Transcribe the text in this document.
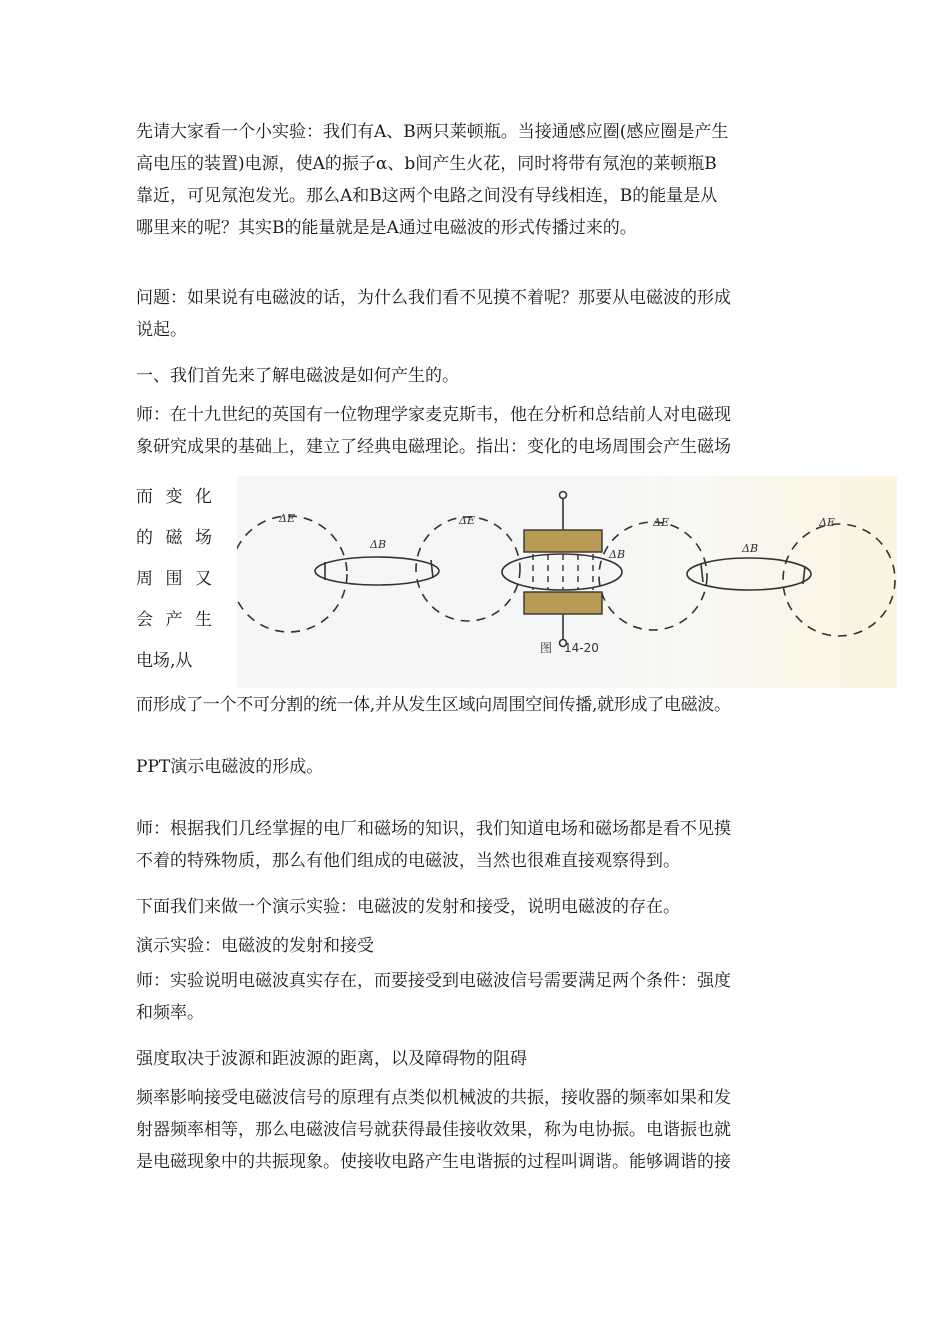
先请大家看一个小实验：我们有A、B两只莱顿瓶。当接通感应圈(感应圈是产生
高电压的装置)电源，使A的振子α、b间产生火花，同时将带有氖泡的莱顿瓶B
靠近，可见氖泡发光。那么A和B这两个电路之间没有导线相连，B的能量是从
哪里来的呢？其实B的能量就是是A通过电磁波的形式传播过来的。

问题：如果说有电磁波的话，为什么我们看不见摸不着呢？那要从电磁波的形成
说起。

一、我们首先来了解电磁波是如何产生的。

师：在十九世纪的英国有一位物理学家麦克斯韦，他在分析和总结前人对电磁现
象研究成果的基础上，建立了经典电磁理论。指出：变化的电场周围会产生磁场

而变化
的磁场
周围又
会产生
电场,从
ΔE
ΔB
ΔE
ΔB
ΔE
ΔB
ΔE
图　14-20

而形成了一个不可分割的统一体,并从发生区域向周围空间传播,就形成了电磁波。

PPT演示电磁波的形成。

师：根据我们几经掌握的电厂和磁场的知识，我们知道电场和磁场都是看不见摸
不着的特殊物质，那么有他们组成的电磁波，当然也很难直接观察得到。

下面我们来做一个演示实验：电磁波的发射和接受，说明电磁波的存在。

演示实验：电磁波的发射和接受

师：实验说明电磁波真实存在，而要接受到电磁波信号需要满足两个条件：强度
和频率。

强度取决于波源和距波源的距离，以及障碍物的阻碍

频率影响接受电磁波信号的原理有点类似机械波的共振，接收器的频率如果和发
射器频率相等，那么电磁波信号就获得最佳接收效果，称为电协振。电谐振也就
是电磁现象中的共振现象。使接收电路产生电谐振的过程叫调谐。能够调谐的接
